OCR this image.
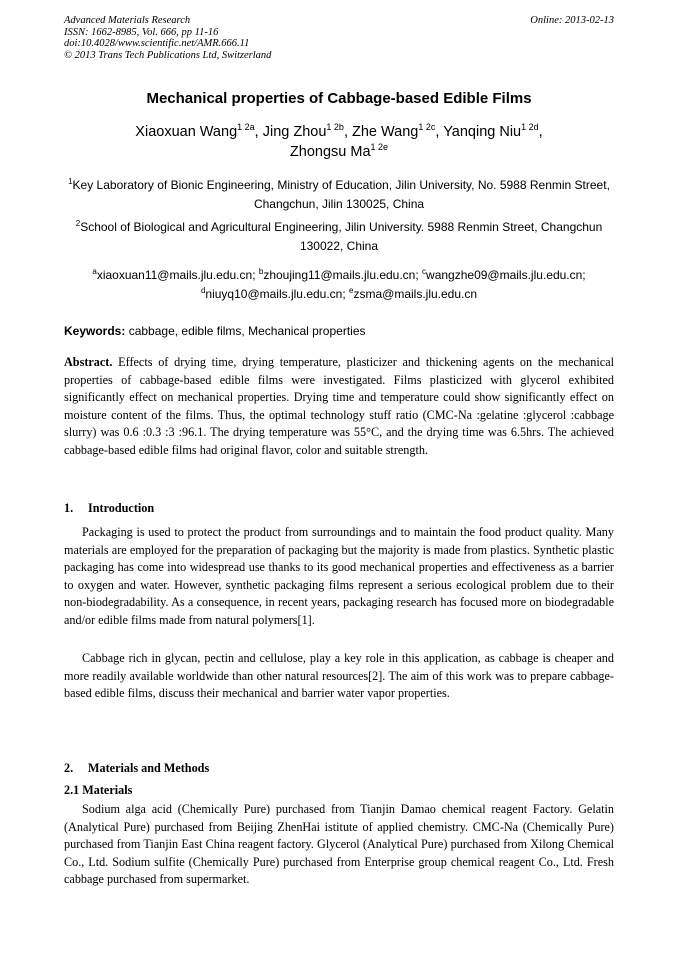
Advanced Materials Research
ISSN: 1662-8985, Vol. 666, pp 11-16
doi:10.4028/www.scientific.net/AMR.666.11
© 2013 Trans Tech Publications Ltd, Switzerland
Online: 2013-02-13
Mechanical properties of Cabbage-based Edible Films
Xiaoxuan Wang$^{1 2a}$, Jing Zhou$^{1 2b}$, Zhe Wang$^{1 2c}$, Yanqing Niu$^{1 2d}$,
Zhongsu $Ma^{1 2e}$
$^1$Key Laboratory of Bionic Engineering, Ministry of Education, Jilin University, No. 5988 Renmin Street, Changchun, Jilin 130025, China
$^2$School of Biological and Agricultural Engineering, Jilin University. 5988 Renmin Street, Changchun 130022, China
$^a$xiaoxuan11@mails.jlu.edu.cn; $^b$zhoujing11@mails.jlu.edu.cn; $^c$wangzhe09@mails.jlu.edu.cn;
$^d$niuyq10@mails.jlu.edu.cn; $^e$zsma@mails.jlu.edu.cn
Keywords: cabbage, edible films, Mechanical properties
Abstract. Effects of drying time, drying temperature, plasticizer and thickening agents on the mechanical properties of cabbage-based edible films were investigated. Films plasticized with glycerol exhibited significantly effect on mechanical properties. Drying time and temperature could show significantly effect on moisture content of the films. Thus, the optimal technology stuff ratio (CMC-Na :gelatine :glycerol :cabbage slurry) was 0.6 :0.3 :3 :96.1. The drying temperature was 55°C, and the drying time was 6.5hrs. The achieved cabbage-based edible films had original flavor, color and suitable strength.
1. Introduction
Packaging is used to protect the product from surroundings and to maintain the food product quality. Many materials are employed for the preparation of packaging but the majority is made from plastics. Synthetic plastic packaging has come into widespread use thanks to its good mechanical properties and effectiveness as a barrier to oxygen and water. However, synthetic packaging films represent a serious ecological problem due to their non-biodegradability. As a consequence, in recent years, packaging research has focused more on biodegradable and/or edible films made from natural polymers[1].
Cabbage rich in glycan, pectin and cellulose, play a key role in this application, as cabbage is cheaper and more readily available worldwide than other natural resources[2]. The aim of this work was to prepare cabbage-based edible films, discuss their mechanical and barrier water vapor properties.
2. Materials and Methods
2.1 Materials
Sodium alga acid (Chemically Pure) purchased from Tianjin Damao chemical reagent Factory. Gelatin (Analytical Pure) purchased from Beijing ZhenHai istitute of applied chemistry. CMC-Na (Chemically Pure) purchased from Tianjin East China reagent factory. Glycerol (Analytical Pure) purchased from Xilong Chemical Co., Ltd. Sodium sulfite (Chemically Pure) purchased from Enterprise group chemical reagent Co., Ltd. Fresh cabbage purchased from supermarket.
